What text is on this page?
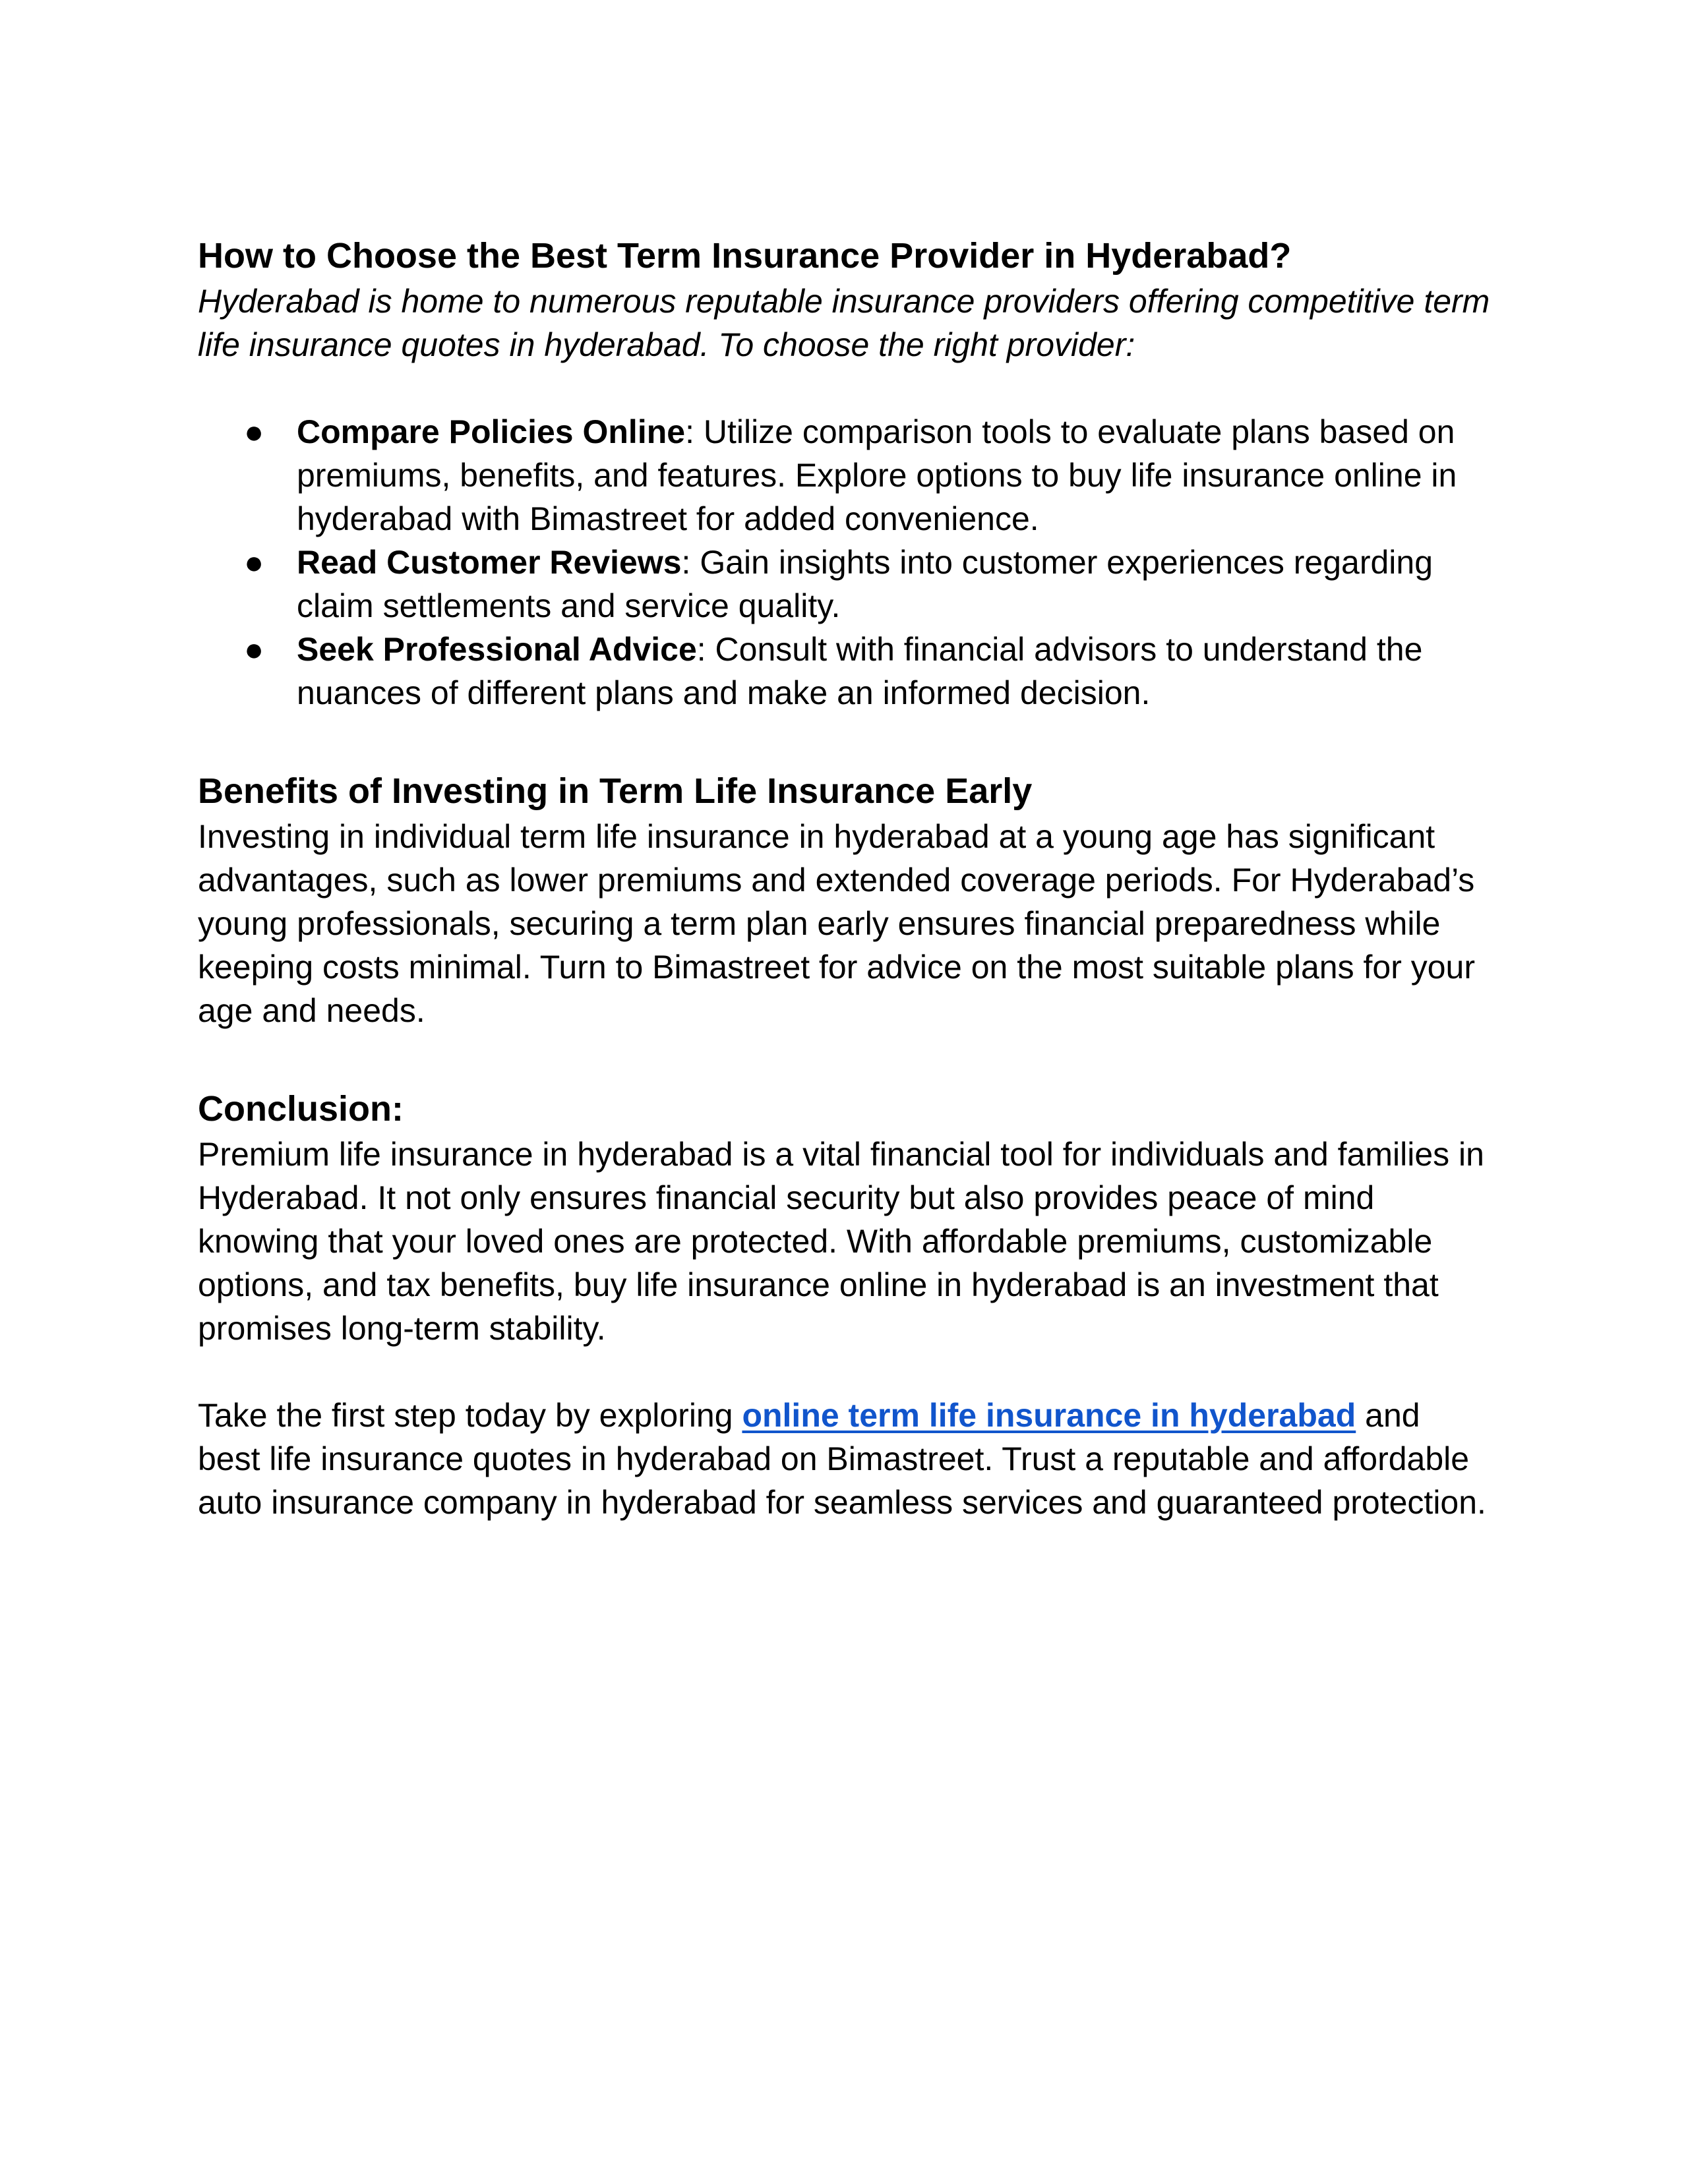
How to Choose the Best Term Insurance Provider in Hyderabad?

Hyderabad is home to numerous reputable insurance providers offering competitive term life insurance quotes in hyderabad. To choose the right provider:

● Compare Policies Online: Utilize comparison tools to evaluate plans based on premiums, benefits, and features. Explore options to buy life insurance online in hyderabad with Bimastreet for added convenience.
● Read Customer Reviews: Gain insights into customer experiences regarding claim settlements and service quality.
● Seek Professional Advice: Consult with financial advisors to understand the nuances of different plans and make an informed decision.
Benefits of Investing in Term Life Insurance Early

Investing in individual term life insurance in hyderabad at a young age has significant advantages, such as lower premiums and extended coverage periods. For Hyderabad’s young professionals, securing a term plan early ensures financial preparedness while keeping costs minimal. Turn to Bimastreet for advice on the most suitable plans for your age and needs.

Conclusion:

Premium life insurance in hyderabad is a vital financial tool for individuals and families in Hyderabad. It not only ensures financial security but also provides peace of mind knowing that your loved ones are protected. With affordable premiums, customizable options, and tax benefits, buy life insurance online in hyderabad is an investment that promises long-term stability.

Take the first step today by exploring online term life insurance in hyderabad and best life insurance quotes in hyderabad on Bimastreet. Trust a reputable and affordable auto insurance company in hyderabad for seamless services and guaranteed protection.
